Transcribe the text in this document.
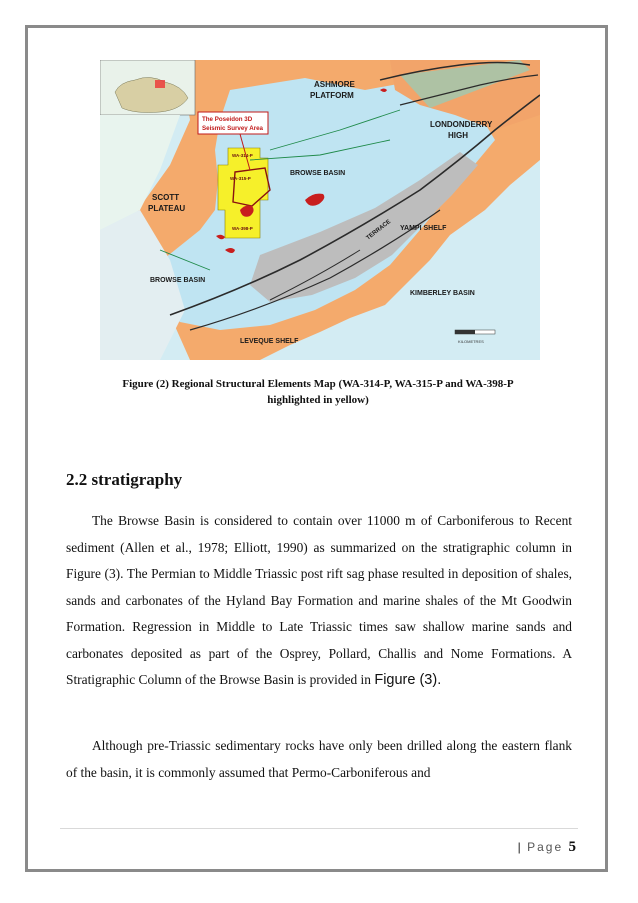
ASHMORE
PLATFORM
LONDONDERRY
HIGH
SCOTT
PLATEAU
BROWSE BASIN
BROWSE BASIN
YAMPI SHELF
KIMBERLEY BASIN
LEVEQUE SHELF
TERRACE
The Poseidon 3D
Seismic Survey Area
WA-314-P
WA-315-P
WA-398-P
KILOMETRES
Figure (2) Regional Structural Elements Map (WA-314-P, WA-315-P and WA-398-P
highlighted in yellow)
2.2 stratigraphy

The Browse Basin is considered to contain over 11000 m of Carboniferous to Recent sediment (Allen et al., 1978; Elliott, 1990) as summarized on the stratigraphic column in Figure (3). The Permian to Middle Triassic post rift sag phase resulted in deposition of shales, sands and carbonates of the Hyland Bay Formation and marine shales of the Mt Goodwin Formation. Regression in Middle to Late Triassic times saw shallow marine sands and carbonates deposited as part of the Osprey, Pollard, Challis and Nome Formations. A Stratigraphic Column of the Browse Basin is provided in Figure (3).

Although pre-Triassic sedimentary rocks have only been drilled along the eastern flank of the basin, it is commonly assumed that Permo-Carboniferous and

| Page 5
